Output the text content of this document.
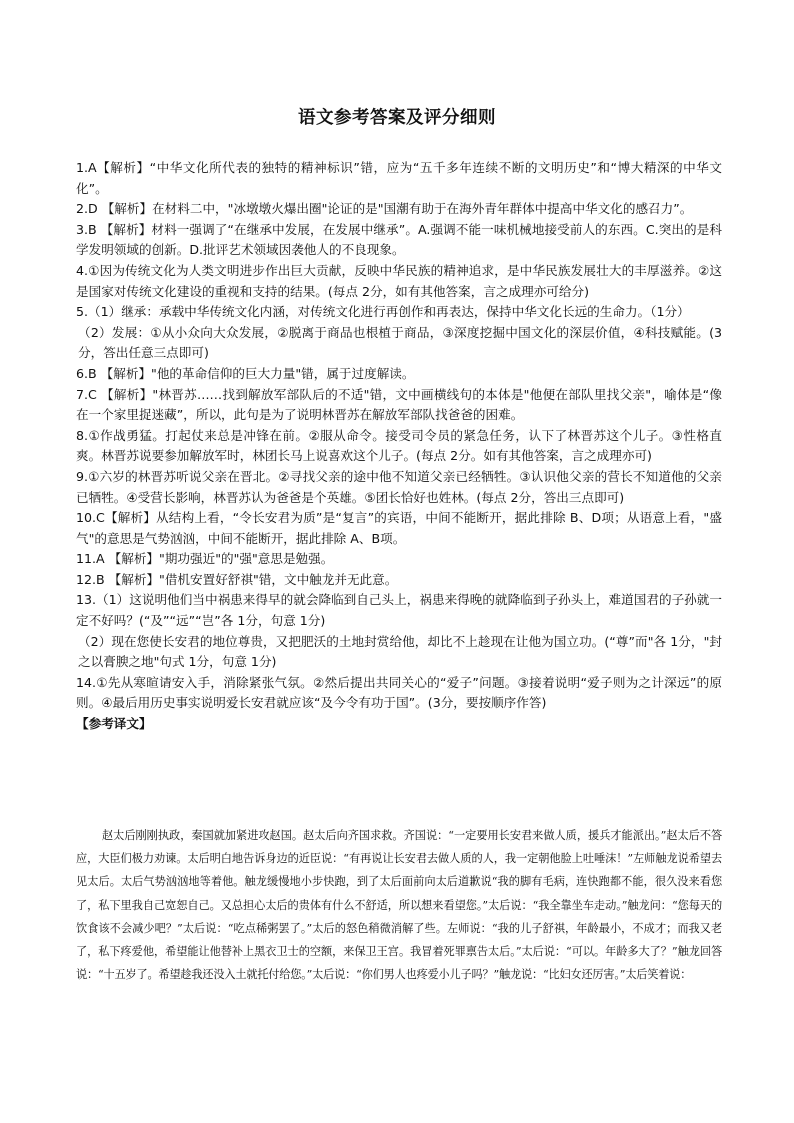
语文参考答案及评分细则

1.A【解析】“中华文化所代表的独特的精神标识”错，应为“五千多年连续不断的文明历史”和“博大精深的中华文化”。

2.D 【解析】在材料二中，"冰墩墩火爆出圈"论证的是"国潮有助于在海外青年群体中提高中华文化的感召力”。

3.B 【解析】材料一强调了“在继承中发展，在发展中继承”。A.强调不能一味机械地接受前人的东西。C.突出的是科学发明领域的创新。D.批评艺术领域因袭他人的不良现象。

4.①因为传统文化为人类文明进步作出巨大贡献，反映中华民族的精神追求，是中华民族发展壮大的丰厚滋养。②这是国家对传统文化建设的重视和支持的结果。(每点 2分，如有其他答案，言之成理亦可给分)

5.（1）继承：承载中华传统文化内涵，对传统文化进行再创作和再表达，保持中华文化长远的生命力。（1分）

（2）发展：①从小众向大众发展，②脱离于商品也根植于商品，③深度挖掘中国文化的深层价值，④科技赋能。(3分，答出任意三点即可)

6.B 【解析】"他的革命信仰的巨大力量"错，属于过度解读。

7.C 【解析】"林晋苏……找到解放军部队后的不适"错，文中画横线句的本体是"他便在部队里找父亲"，喻体是“像在一个家里捉迷藏”，所以，此句是为了说明林晋苏在解放军部队找爸爸的困难。

8.①作战勇猛。打起仗来总是冲锋在前。②服从命令。接受司令员的紧急任务，认下了林晋苏这个儿子。③性格直爽。林晋苏说要参加解放军时，林团长马上说喜欢这个儿子。(每点 2分。如有其他答案，言之成理亦可)

9.①六岁的林晋苏听说父亲在晋北。②寻找父亲的途中他不知道父亲已经牺牲。③认识他父亲的营长不知道他的父亲已牺牲。④受营长影响，林晋苏认为爸爸是个英雄。⑤团长恰好也姓林。(每点 2分，答出三点即可)

10.C【解析】从结构上看，“令长安君为质”是“复言”的宾语，中间不能断开，据此排除 B、D项；从语意上看，"盛气"的意思是气势汹汹，中间不能断开，据此排除 A、B项。

11.A 【解析】"期功强近"的"强"意思是勉强。

12.B 【解析】"借机安置好舒祺"错，文中触龙并无此意。

13.（1）这说明他们当中祸患来得早的就会降临到自己头上，祸患来得晚的就降临到子孙头上，难道国君的子孙就一定不好吗？(“及”“远”“岂”各 1分，句意 1分)

（2）现在您使长安君的地位尊贵，又把肥沃的土地封赏给他，却比不上趁现在让他为国立功。(“尊”而"各 1分，"封之以膏腴之地"句式 1分，句意 1分)

14.①先从寒暄请安入手，消除紧张气氛。②然后提出共同关心的“爱子”问题。③接着说明“爱子则为之计深远”的原则。④最后用历史事实说明爱长安君就应该“及今令有功于国”。(3分，要按顺序作答)

【参考译文】

赵太后刚刚执政，秦国就加紧进攻赵国。赵太后向齐国求救。齐国说：“一定要用长安君来做人质，援兵才能派出。”赵太后不答应，大臣们极力劝谏。太后明白地告诉身边的近臣说：“有再说让长安君去做人质的人，我一定朝他脸上吐唾沫！”左师触龙说希望去见太后。太后气势汹汹地等着他。触龙缓慢地小步快跑，到了太后面前向太后道歉说“我的脚有毛病，连快跑都不能，很久没来看您了，私下里我自己宽恕自己。又总担心太后的贵体有什么不舒适，所以想来看望您。”太后说：“我全靠坐车走动。”触龙问：“您每天的饮食该不会减少吧？”太后说：“吃点稀粥罢了。”太后的怒色稍微消解了些。左师说：“我的儿子舒祺，年龄最小，不成才；而我又老了，私下疼爱他，希望能让他替补上黑衣卫士的空额，来保卫王宫。我冒着死罪禀告太后。”太后说：“可以。年龄多大了？”触龙回答说：“十五岁了。希望趁我还没入土就托付给您。”太后说：“你们男人也疼爱小儿子吗？”触龙说：“比妇女还厉害。”太后笑着说：
